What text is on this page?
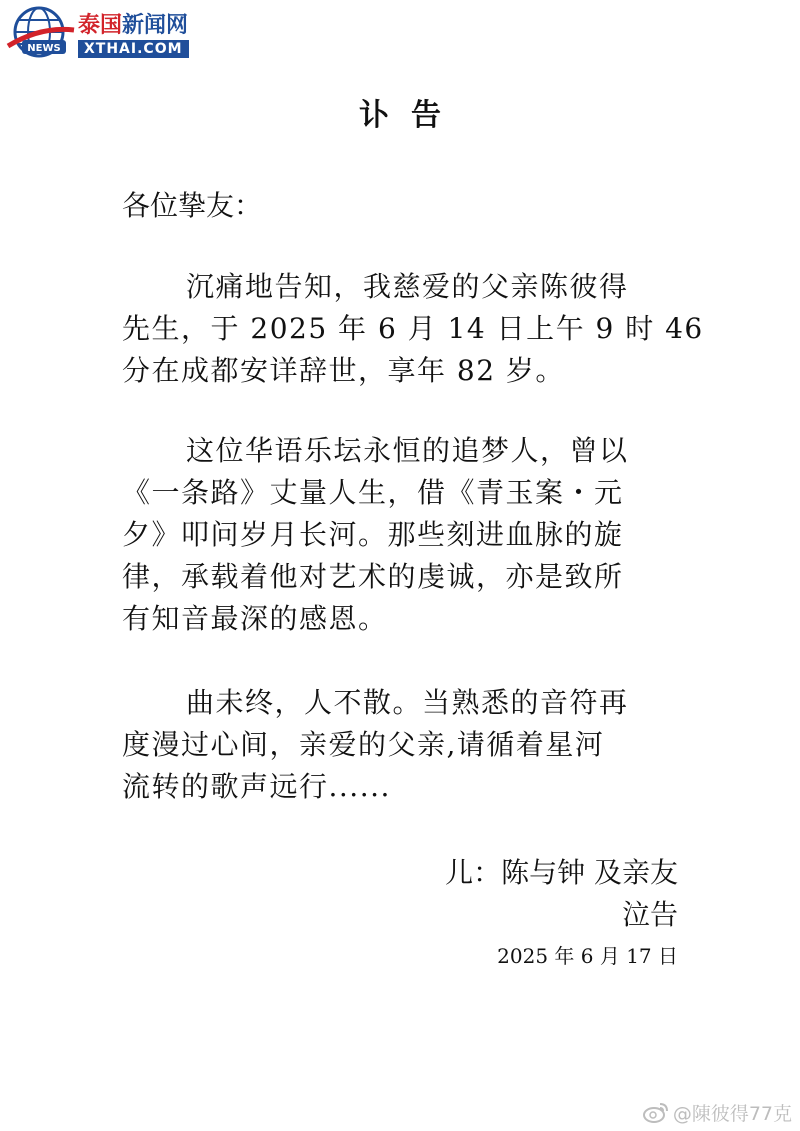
NEWS
泰国新闻网
XTHAI.COM
讣告
各位挚友：
沉痛地告知，我慈爱的父亲陈彼得
先生，于 2025 年 6 月 14 日上午 9 时 46
分在成都安详辞世，享年 82 岁。
这位华语乐坛永恒的追梦人，曾以
《一条路》丈量人生，借《青玉案・元
夕》叩问岁月长河。那些刻进血脉的旋
律，承载着他对艺术的虔诚，亦是致所
有知音最深的感恩。
曲未终，人不散。当熟悉的音符再
度漫过心间，亲爱的父亲,请循着星河
流转的歌声远行......
儿：陈与钟 及亲友
泣告
2025 年 6 月 17 日
@陳彼得77克
